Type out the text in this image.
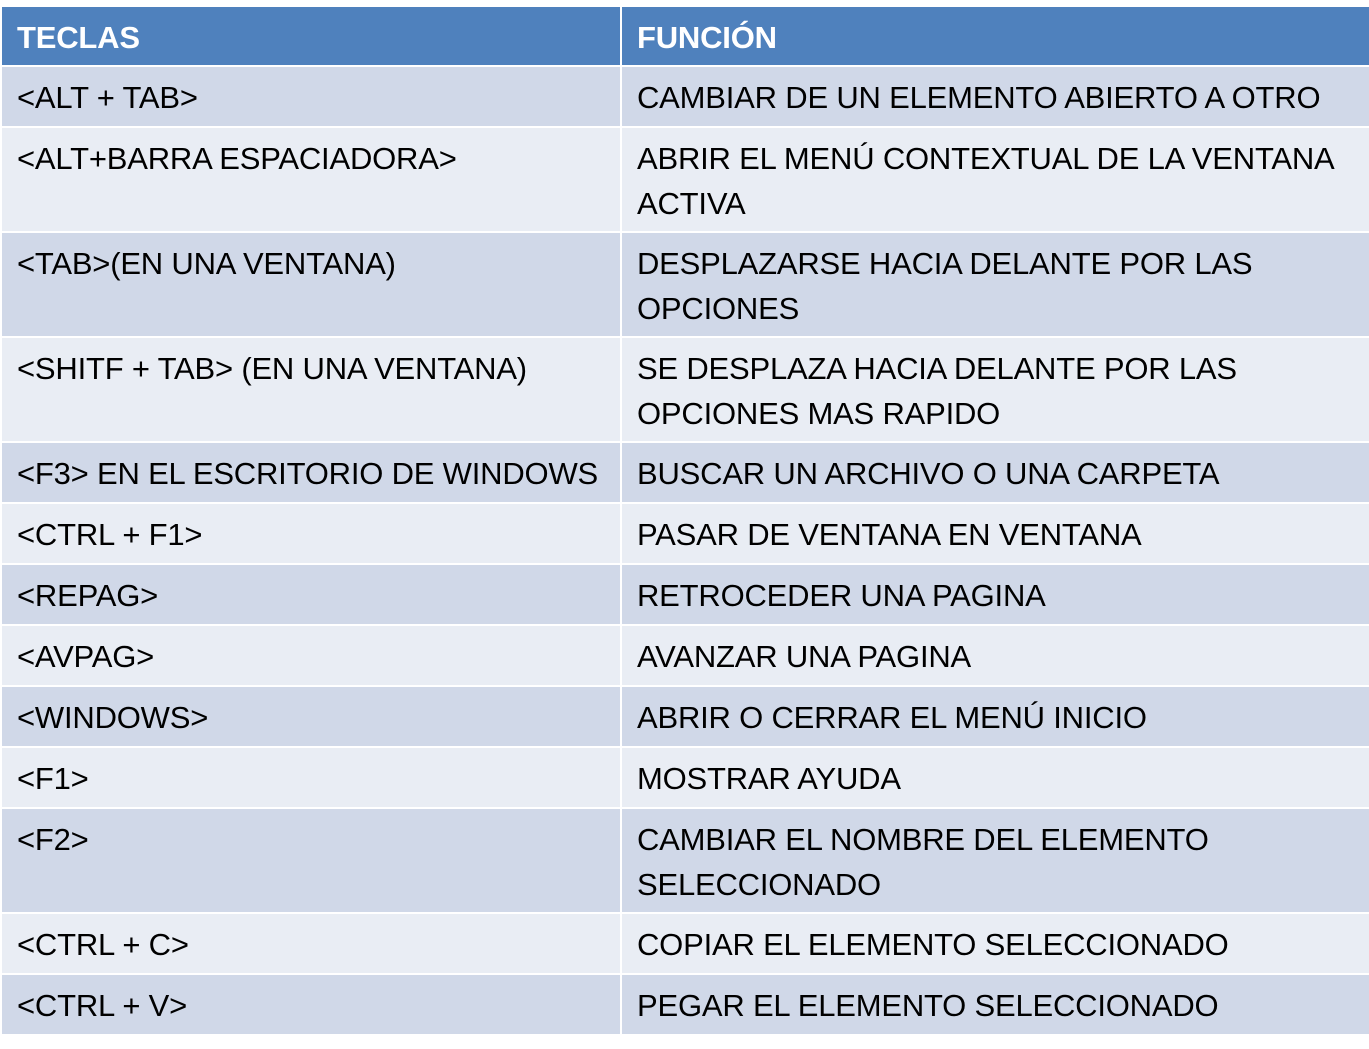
TECLAS	FUNCIÓN
<ALT + TAB>	CAMBIAR DE UN ELEMENTO ABIERTO A OTRO
<ALT+BARRA ESPACIADORA>	ABRIR EL MENÚ CONTEXTUAL DE LA VENTANA ACTIVA
<TAB>(EN UNA VENTANA)	DESPLAZARSE HACIA DELANTE POR LAS OPCIONES
<SHITF + TAB> (EN UNA VENTANA)	SE DESPLAZA HACIA DELANTE POR LAS OPCIONES MAS RAPIDO
<F3> EN EL ESCRITORIO DE WINDOWS	BUSCAR UN ARCHIVO O UNA CARPETA
<CTRL + F1>	PASAR DE VENTANA EN VENTANA
<REPAG>	RETROCEDER UNA PAGINA
<AVPAG>	AVANZAR UNA PAGINA
<WINDOWS>	ABRIR O CERRAR EL MENÚ INICIO
<F1>	MOSTRAR AYUDA
<F2>	CAMBIAR EL NOMBRE DEL ELEMENTO SELECCIONADO
<CTRL + C>	COPIAR EL ELEMENTO SELECCIONADO
<CTRL + V>	PEGAR EL ELEMENTO SELECCIONADO
